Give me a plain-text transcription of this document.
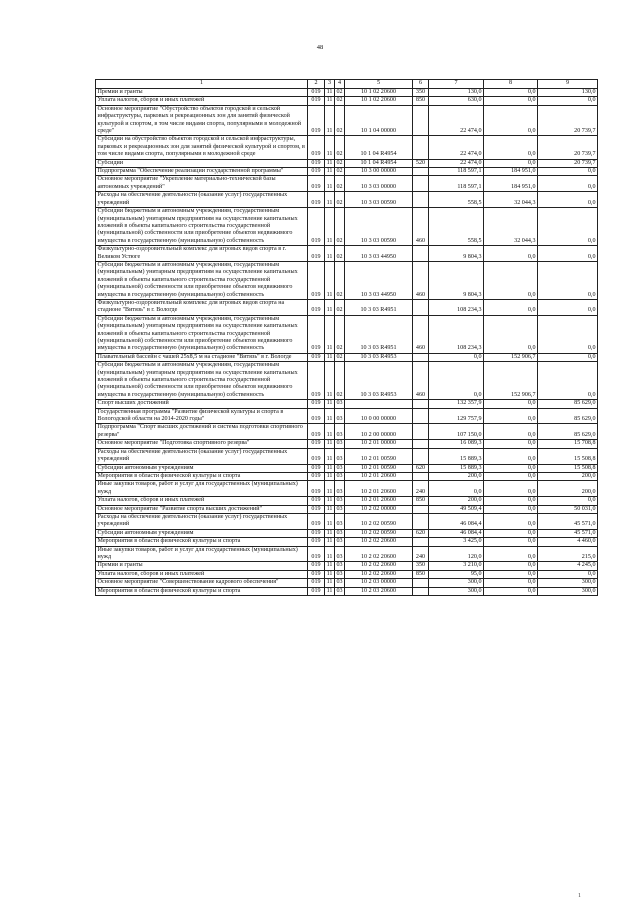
48
1	2	3	4	5	6	7	8	9
Премии и гранты	019	11	02	10 1 02 20600	350	130,0	0,0	130,0
Уплата налогов, сборов и иных платежей	019	11	02	10 1 02 20600	850	630,0	0,0	0,0
Основное мероприятие "Обустройство объектов городской и сельской инфраструктуры, парковых и рекреационных зон для занятий физической культурой и спортом, в том числе видами спорта, популярными в молодежной среде"	019	11	02	10 1 04 00000		22 474,0	0,0	20 739,7
Субсидии на обустройство объектов городской и сельской инфраструктуры, парковых и рекреационных зон для занятий физической культурой и спортом, в том числе видами спорта, популярными в молодежной среде	019	11	02	10 1 04 R4954		22 474,0	0,0	20 739,7
Субсидии	019	11	02	10 1 04 R4954	520	22 474,0	0,0	20 739,7
Подпрограмма "Обеспечение реализации государственной программы"	019	11	02	10 3 00 00000		118 597,1	184 951,0	0,0
Основное мероприятие "Укрепление материально-технической базы автономных учреждений"	019	11	02	10 3 03 00000		118 597,1	184 951,0	0,0
Расходы на обеспечение деятельности (оказание услуг) государственных учреждений	019	11	02	10 3 03 00590		558,5	32 044,3	0,0
Субсидии бюджетным и автономным учреждениям, государственным (муниципальным) унитарным предприятиям на осуществление капитальных вложений в объекты капитального строительства государственной (муниципальной) собственности или приобретение объектов недвижимого имущества в государственную (муниципальную) собственность	019	11	02	10 3 03 00590	460	558,5	32 044,3	0,0
Физкультурно-оздоровительный комплекс для игровых видов спорта в г. Великом Устюге	019	11	02	10 3 03 44950		9 804,3	0,0	0,0
Субсидии бюджетным и автономным учреждениям, государственным (муниципальным) унитарным предприятиям на осуществление капитальных вложений в объекты капитального строительства государственной (муниципальной) собственности или приобретение объектов недвижимого имущества в государственную (муниципальную) собственность	019	11	02	10 3 03 44950	460	9 804,3	0,0	0,0
Физкультурно-оздоровительный комплекс для игровых видов спорта на стадионе "Витязь" в г. Вологде	019	11	02	10 3 03 R4951		108 234,3	0,0	0,0
Субсидии бюджетным и автономным учреждениям, государственным (муниципальным) унитарным предприятиям на осуществление капитальных вложений в объекты капитального строительства государственной (муниципальной) собственности или приобретение объектов недвижимого имущества в государственную (муниципальную) собственность	019	11	02	10 3 03 R4951	460	108 234,3	0,0	0,0
Плавательный бассейн с чашей 25х8,5 м на стадионе "Витязь" в г. Вологде	019	11	02	10 3 03 R4953		0,0	152 906,7	0,0
Субсидии бюджетным и автономным учреждениям, государственным (муниципальным) унитарным предприятиям на осуществление капитальных вложений в объекты капитального строительства государственной (муниципальной) собственности или приобретение объектов недвижимого имущества в государственную (муниципальную) собственность	019	11	02	10 3 03 R4953	460	0,0	152 906,7	0,0
Спорт высших достижений	019	11	03			132 357,9	0,0	85 629,0
Государственная программа "Развитие физической культуры и спорта в Вологодской области на 2014-2020 годы"	019	11	03	10 0 00 00000		129 757,9	0,0	85 629,0
Подпрограмма "Спорт высших достижений и система подготовки спортивного резерва"	019	11	03	10 2 00 00000		107 150,0	0,0	85 629,0
Основное мероприятие "Подготовка спортивного резерва"	019	11	03	10 2 01 00000		16 089,3	0,0	15 708,8
Расходы на обеспечение деятельности (оказание услуг) государственных учреждений	019	11	03	10 2 01 00590		15 889,3	0,0	15 508,8
Субсидии автономным учреждениям	019	11	03	10 2 01 00590	620	15 889,3	0,0	15 508,8
Мероприятия в области физической культуры и спорта	019	11	03	10 2 01 20600		200,0	0,0	200,0
Иные закупки товаров, работ и услуг для государственных (муниципальных) нужд	019	11	03	10 2 01 20600	240	0,0	0,0	200,0
Уплата налогов, сборов и иных платежей	019	11	03	10 2 01 20600	850	200,0	0,0	0,0
Основное мероприятие "Развитие спорта высших достижений"	019	11	03	10 2 02 00000		49 509,4	0,0	50 031,0
Расходы на обеспечение деятельности (оказание услуг) государственных учреждений	019	11	03	10 2 02 00590		46 084,4	0,0	45 571,0
Субсидии автономным учреждениям	019	11	03	10 2 02 00590	620	46 084,4	0,0	45 571,0
Мероприятия в области физической культуры и спорта	019	11	03	10 2 02 20600		3 425,0	0,0	4 460,0
Иные закупки товаров, работ и услуг для государственных (муниципальных) нужд	019	11	03	10 2 02 20600	240	120,0	0,0	215,0
Премии и гранты	019	11	03	10 2 02 20600	350	3 210,0	0,0	4 245,0
Уплата налогов, сборов и иных платежей	019	11	03	10 2 02 20600	850	95,0	0,0	0,0
Основное мероприятие "Совершенствование кадрового обеспечения"	019	11	03	10 2 03 00000		300,0	0,0	300,0
Мероприятия в области физической культуры и спорта	019	11	03	10 2 03 20600		300,0	0,0	300,0
1
